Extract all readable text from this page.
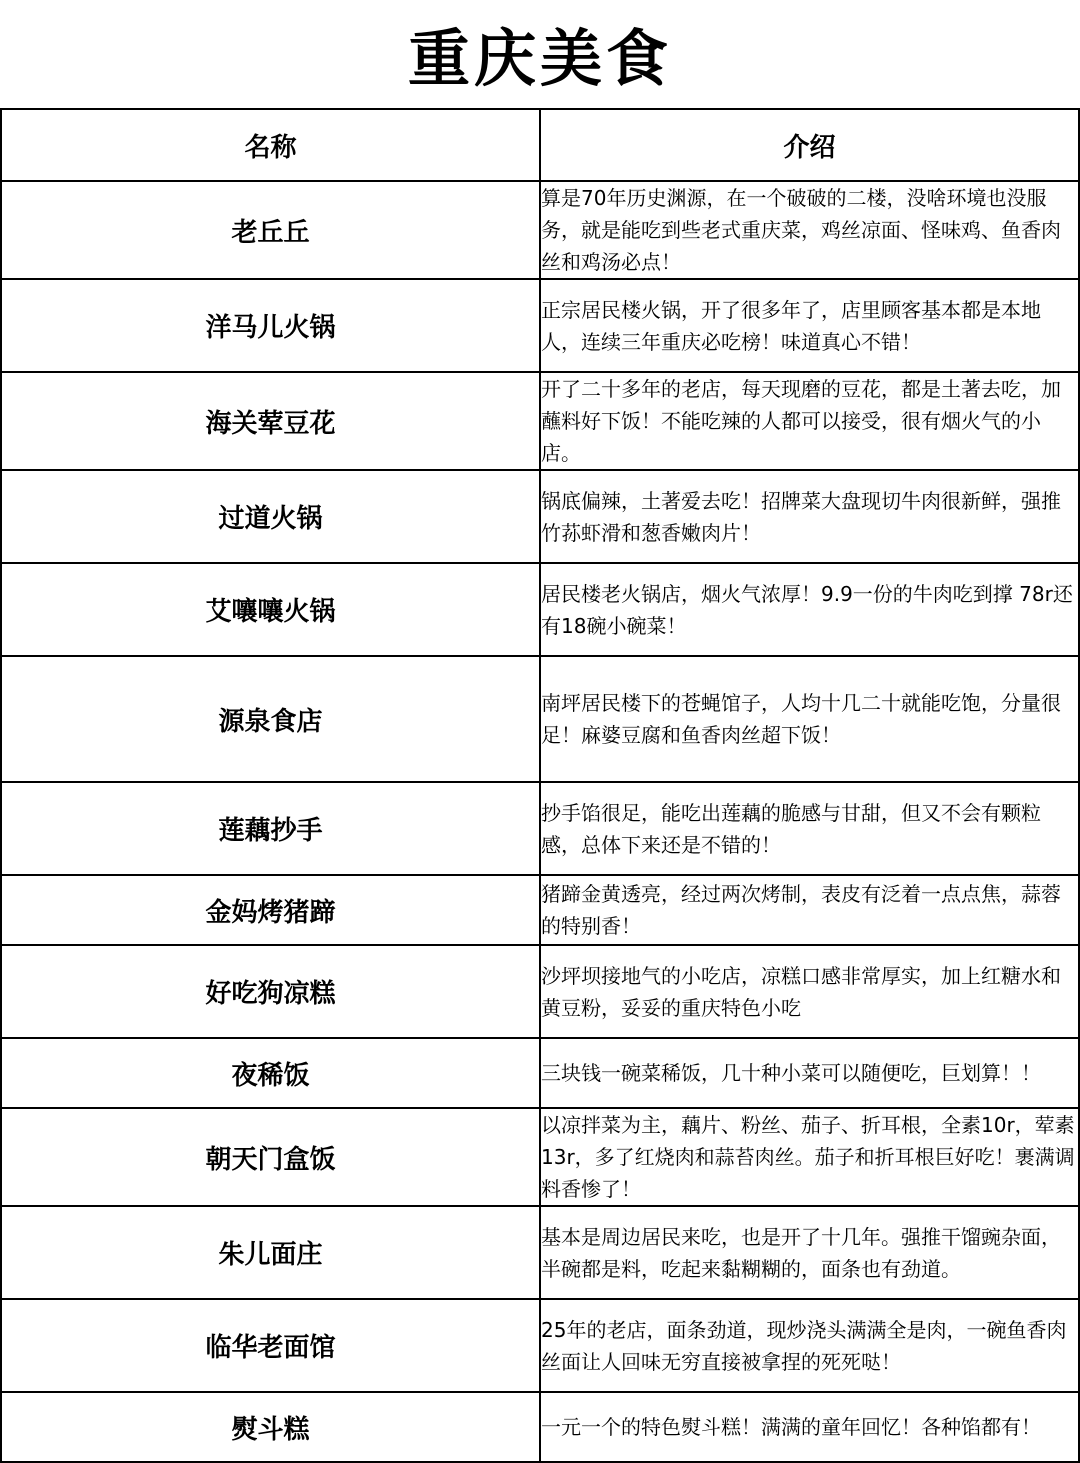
重庆美食
名称	介绍
老丘丘	算是70年历史渊源，在一个破破的二楼，没啥环境也没服务，就是能吃到些老式重庆菜，鸡丝凉面、怪味鸡、鱼香肉丝和鸡汤必点！
洋马儿火锅	正宗居民楼火锅，开了很多年了，店里顾客基本都是本地人，连续三年重庆必吃榜！味道真心不错！
海关荤豆花	开了二十多年的老店，每天现磨的豆花，都是土著去吃，加蘸料好下饭！不能吃辣的人都可以接受，很有烟火气的小店。
过道火锅	锅底偏辣，土著爱去吃！招牌菜大盘现切牛肉很新鲜，强推竹荪虾滑和葱香嫩肉片！
艾嚷嚷火锅	居民楼老火锅店，烟火气浓厚！9.9一份的牛肉吃到撑 78r还有18碗小碗菜！
源泉食店	南坪居民楼下的苍蝇馆子，人均十几二十就能吃饱，分量很足！麻婆豆腐和鱼香肉丝超下饭！
莲藕抄手	抄手馅很足，能吃出莲藕的脆感与甘甜，但又不会有颗粒感，总体下来还是不错的！
金妈烤猪蹄	猪蹄金黄透亮，经过两次烤制，表皮有泛着一点点焦，蒜蓉的特别香！
好吃狗凉糕	沙坪坝接地气的小吃店，凉糕口感非常厚实，加上红糖水和黄豆粉，妥妥的重庆特色小吃
夜稀饭	三块钱一碗菜稀饭，几十种小菜可以随便吃，巨划算！！
朝天门盒饭	以凉拌菜为主，藕片、粉丝、茄子、折耳根，全素10r，荤素13r，多了红烧肉和蒜苔肉丝。茄子和折耳根巨好吃！裹满调料香惨了！
朱儿面庄	基本是周边居民来吃，也是开了十几年。强推干馏豌杂面，半碗都是料，吃起来黏糊糊的，面条也有劲道。
临华老面馆	25年的老店，面条劲道，现炒浇头满满全是肉，一碗鱼香肉丝面让人回味无穷直接被拿捏的死死哒！
熨斗糕	一元一个的特色熨斗糕！满满的童年回忆！各种馅都有！
